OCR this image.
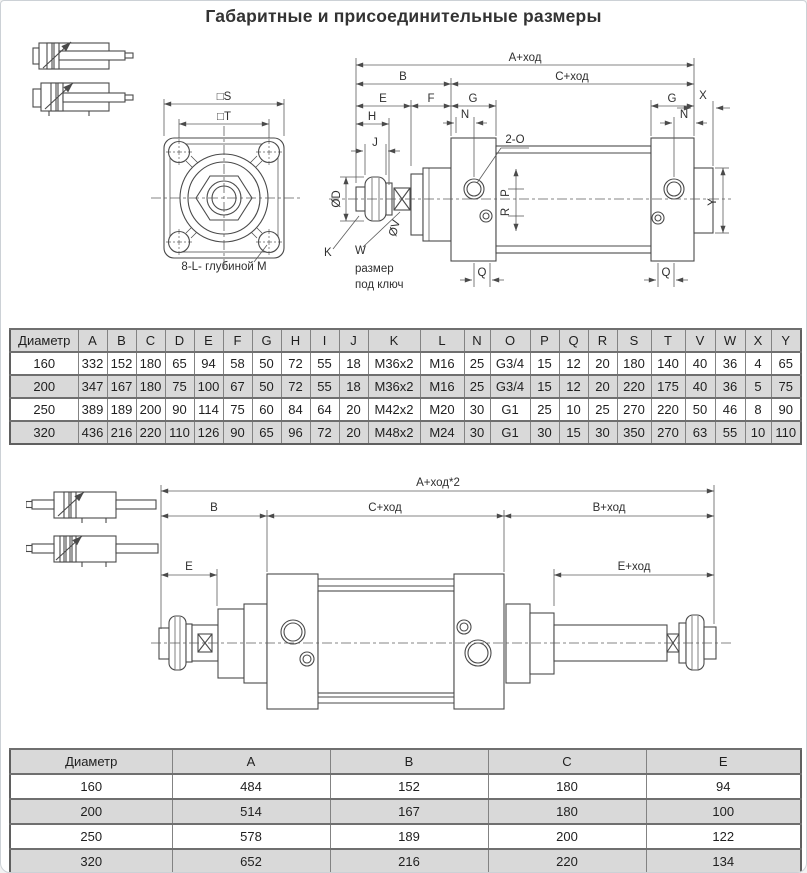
Габаритные и присоединительные размеры
□S
□T
8-L- глубиной M
A+ход
B	C+ход
E	F	G	G X
H
J
N	N
2-O
P
R
Q	Q
Y
ØD
ØV
K W
размер
под ключ
Диаметр	A	B	C	D	E	F	G	H	I	J	K	L	N	O	P	Q	R	S	T	V	W	X	Y
160	332	152	180	65	94	58	50	72	55	18	M36x2	M16	25	G3/4	15	12	20	180	140	40	36	4	65
200	347	167	180	75	100	67	50	72	55	18	M36x2	M16	25	G3/4	15	12	20	220	175	40	36	5	75
250	389	189	200	90	114	75	60	84	64	20	M42x2	M20	30	G1	25	10	25	270	220	50	46	8	90
320	436	216	220	110	126	90	65	96	72	20	M48x2	M24	30	G1	30	15	30	350	270	63	55	10	110
A+ход*2
B	C+ход	B+ход
E	E+ход
Диаметр	A	B	C	E
160	484	152	180	94
200	514	167	180	100
250	578	189	200	122
320	652	216	220	134
